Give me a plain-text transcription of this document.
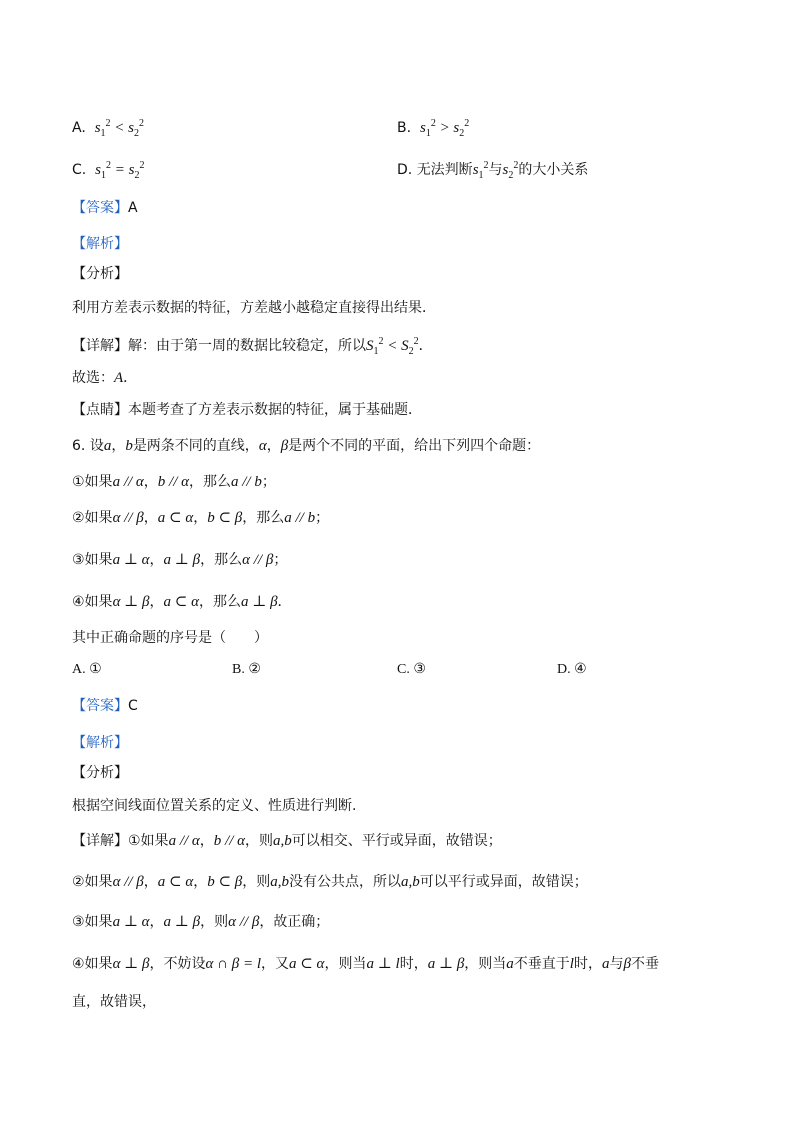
A. $s_1^2 < s_2^2$	B. $s_1^2 > s_2^2$
C. $s_1^2 = s_2^2$	D. 无法判断$s_1^2$与$s_2^2$的大小关系
【答案】A
【解析】
【分析】
利用方差表示数据的特征，方差越小越稳定直接得出结果．
【详解】解：由于第一周的数据比较稳定，所以$S_1^2 < S_2^2$．
故选：A．
【点睛】本题考查了方差表示数据的特征，属于基础题．
6. 设a，b是两条不同的直线，α，β是两个不同的平面，给出下列四个命题：
①如果a // α，b // α，那么a // b；
②如果α // β，a ⊂ α，b ⊂ β，那么a // b；
③如果a ⊥ α，a ⊥ β，那么α // β；
④如果α ⊥ β，a ⊂ α，那么a ⊥ β．
其中正确命题的序号是（　　）
A. ①	B. ②	C. ③	D. ④
【答案】C
【解析】
【分析】
根据空间线面位置关系的定义、性质进行判断.
【详解】①如果a // α，b // α，则a,b可以相交、平行或异面，故错误；
②如果α // β，a ⊂ α，b ⊂ β，则a,b没有公共点，所以a,b可以平行或异面，故错误；
③如果a ⊥ α，a ⊥ β，则α // β，故正确；
④如果α ⊥ β，不妨设α ∩ β = l，又a ⊂ α，则当a ⊥ l时，a ⊥ β，则当a不垂直于l时，a与β不垂
直，故错误，
